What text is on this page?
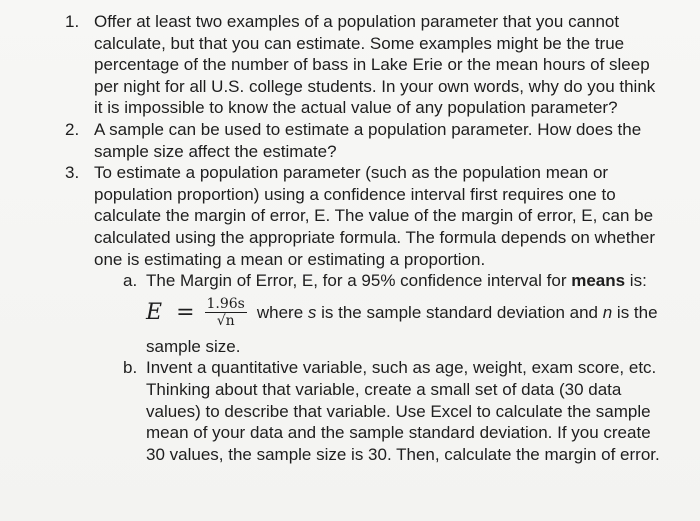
1. Offer at least two examples of a population parameter that you cannot calculate, but that you can estimate. Some examples might be the true percentage of the number of bass in Lake Erie or the mean hours of sleep per night for all U.S. college students. In your own words, why do you think it is impossible to know the actual value of any population parameter?
2. A sample can be used to estimate a population parameter. How does the sample size affect the estimate?
3. To estimate a population parameter (such as the population mean or population proportion) using a confidence interval first requires one to calculate the margin of error, E. The value of the margin of error, E, can be calculated using the appropriate formula. The formula depends on whether one is estimating a mean or estimating a proportion.
a. The Margin of Error, E, for a 95% confidence interval for means is:
$E = \frac{1.96s}{√n}$ where s is the sample standard deviation and n is the
sample size.
b. Invent a quantitative variable, such as age, weight, exam score, etc. Thinking about that variable, create a small set of data (30 data values) to describe that variable. Use Excel to calculate the sample mean of your data and the sample standard deviation. If you create 30 values, the sample size is 30. Then, calculate the margin of error.
